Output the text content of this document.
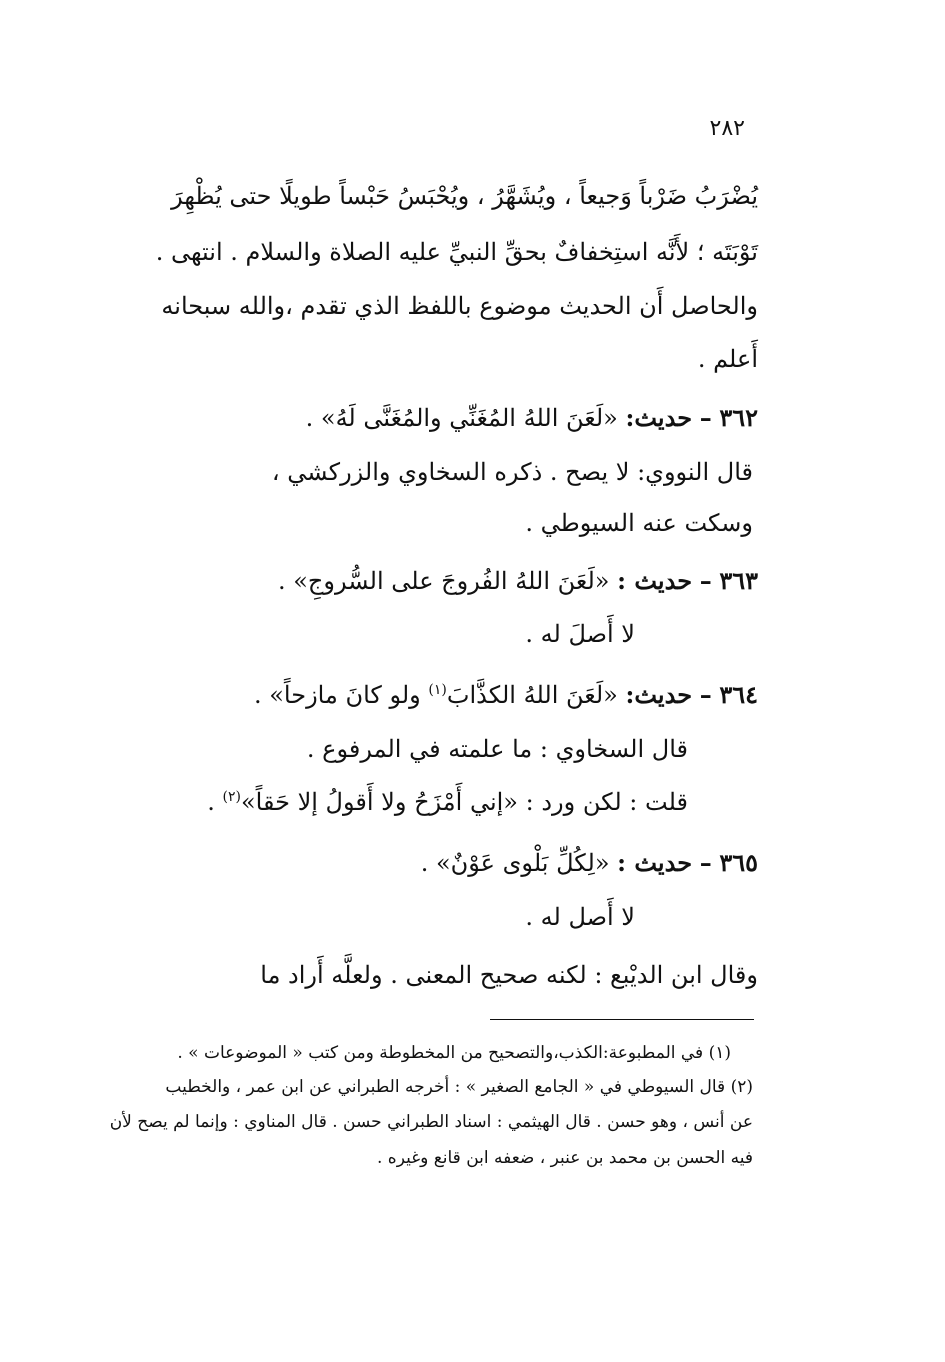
٢٨٢
يُضْرَبُ ضَرْباً وَجيعاً ، ويُشَهَّرُ ، ويُحْبَسُ حَبْساً طويلًا حتى يُظْهِرَ
تَوْبَتَه ؛ لأَنَّه استِخفافٌ بحقِّ النبيِّ عليه الصلاة والسلام . انتهى .
والحاصل أَن الحديث موضوع باللفظ الذي تقدم ،والله سبحانه
أَعلم .
٣٦٢ – حديث: «لَعَنَ اللهُ المُغَنِّي والمُغَنَّى لَهُ» .
قال النووي: لا يصح . ذكره السخاوي والزركشي ،
وسكت عنه السيوطي .
٣٦٣ – حديث : «لَعَنَ اللهُ الفُروجَ على السُّروجِ» .
لا أَصلَ له .
٣٦٤ – حديث: «لَعَنَ اللهُ الكذَّابَ$^{(١)}$ ولو كانَ مازحاً» .
قال السخاوي : ما علمته في المرفوع .
قلت : لكن ورد : «إني أَمْزَحُ ولا أَقولُ إلا حَقاً»$^{(٢)}$ .
٣٦٥ – حديث : «لِكُلِّ بَلْوى عَوْنٌ» .
لا أَصل له .
وقال ابن الديْبع : لكنه صحيح المعنى . ولعلَّه أَراد ما
(١) في المطبوعة:الكذب،والتصحيح من المخطوطة ومن كتب « الموضوعات » .
(٢) قال السيوطي في « الجامع الصغير » : أخرجه الطبراني عن ابن عمر ، والخطيب
عن أنس ، وهو حسن . قال الهيثمي : اسناد الطبراني حسن . قال المناوي : وإنما لم يصح لأن
فيه الحسن بن محمد بن عنبر ، ضعفه ابن قانع وغيره .
